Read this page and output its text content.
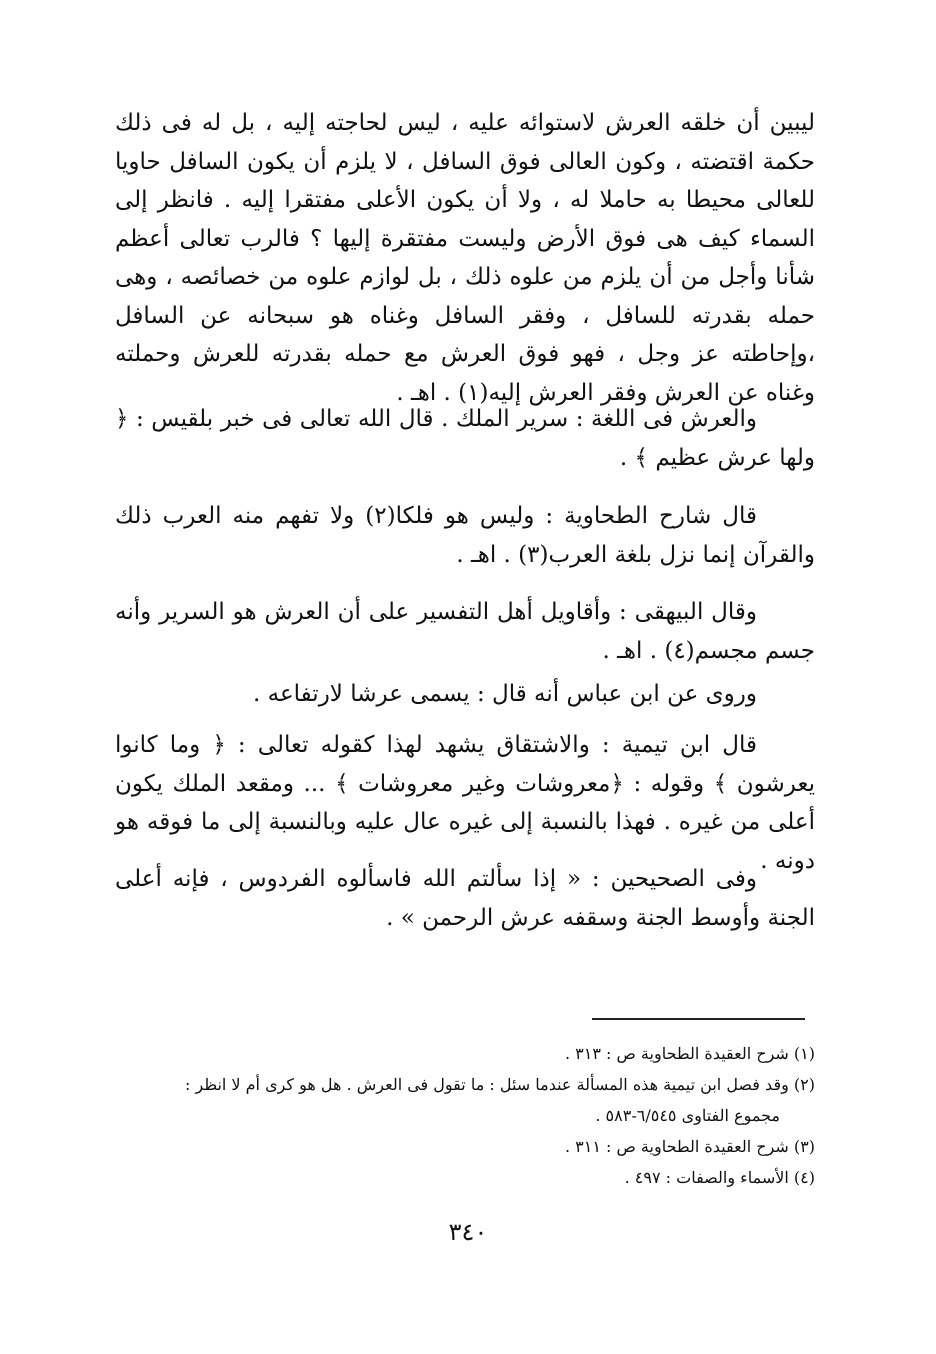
ليبين أن خلقه العرش لاستوائه عليه ، ليس لحاجته إليه ، بل له فى ذلك حكمة اقتضته ، وكون العالى فوق السافل ، لا يلزم أن يكون السافل حاويا للعالى محيطا به حاملا له ، ولا أن يكون الأعلى مفتقرا إليه . فانظر إلى السماء كيف هى فوق الأرض وليست مفتقرة إليها ؟ فالرب تعالى أعظم شأنا وأجل من أن يلزم من علوه ذلك ، بل لوازم علوه من خصائصه ، وهى حمله بقدرته للسافل ، وفقر السافل وغناه هو سبحانه عن السافل ،وإحاطته عز وجل ، فهو فوق العرش مع حمله بقدرته للعرش وحملته وغناه عن العرش وفقر العرش إليه(١) . اهـ .

والعرش فى اللغة : سرير الملك . قال الله تعالى فى خبر بلقيس : ﴿ ولها عرش عظيم ﴾ .

قال شارح الطحاوية : وليس هو فلكا(٢) ولا تفهم منه العرب ذلك والقرآن إنما نزل بلغة العرب(٣) . اهـ .

وقال البيهقى : وأقاويل أهل التفسير على أن العرش هو السرير وأنه جسم مجسم(٤) . اهـ .

وروى عن ابن عباس أنه قال : يسمى عرشا لارتفاعه .

قال ابن تيمية : والاشتقاق يشهد لهذا كقوله تعالى : ﴿ وما كانوا يعرشون ﴾ وقوله : ﴿معروشات وغير معروشات ﴾ ... ومقعد الملك يكون أعلى من غيره . فهذا بالنسبة إلى غيره عال عليه وبالنسبة إلى ما فوقه هو دونه .

وفى الصحيحين : « إذا سألتم الله فاسألوه الفردوس ، فإنه أعلى الجنة وأوسط الجنة وسقفه عرش الرحمن » .

(١) شرح العقيدة الطحاوية ص : ٣١٣ .

(٢) وقد فصل ابن تيمية هذه المسألة عندما سئل : ما تقول فى العرش . هل هو كرى أم لا انظر :

مجموع الفتاوى ٦/٥٤٥-٥٨٣ .

(٣) شرح العقيدة الطحاوية ص : ٣١١ .

(٤) الأسماء والصفات : ٤٩٧ .

٣٤٠
